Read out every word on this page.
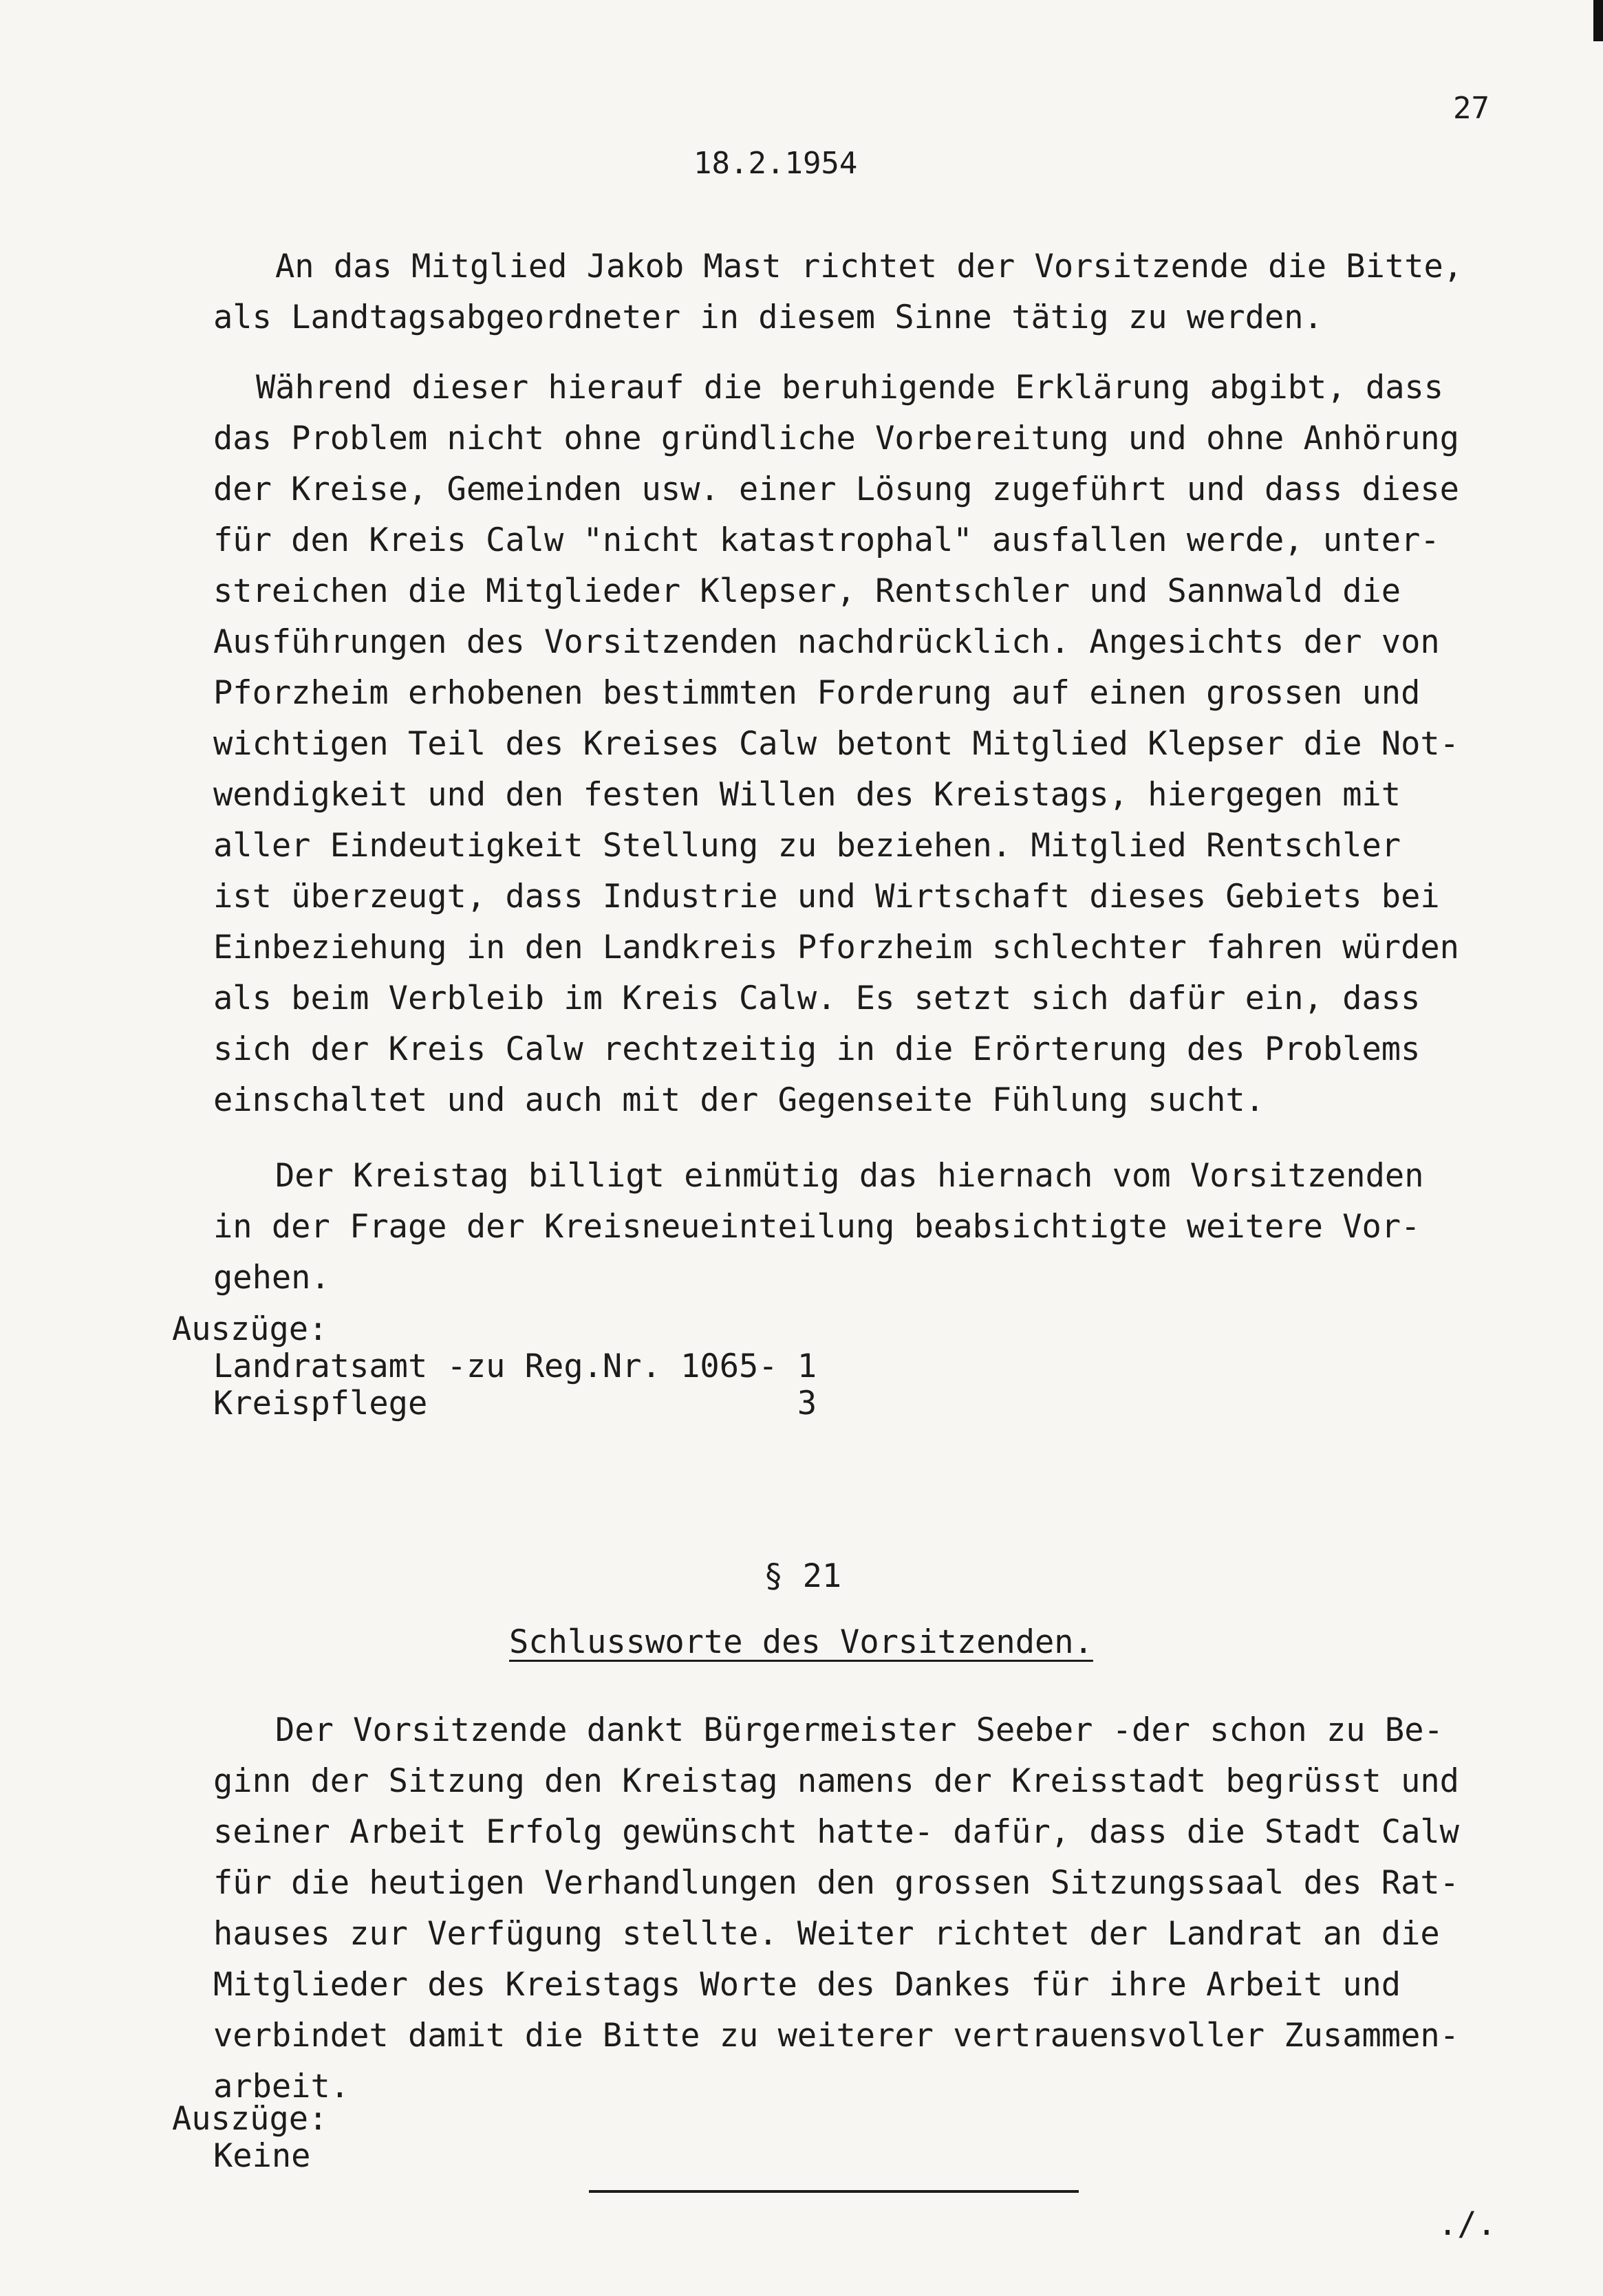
27
18.2.1954
An das Mitglied Jakob Mast richtet der Vorsitzende die Bitte,
als Landtagsabgeordneter in diesem Sinne tätig zu werden.
Während dieser hierauf die beruhigende Erklärung abgibt, dass
das Problem nicht ohne gründliche Vorbereitung und ohne Anhörung
der Kreise, Gemeinden usw. einer Lösung zugeführt und dass diese
für den Kreis Calw "nicht katastrophal" ausfallen werde, unter-
streichen die Mitglieder Klepser, Rentschler und Sannwald die
Ausführungen des Vorsitzenden nachdrücklich. Angesichts der von
Pforzheim erhobenen bestimmten Forderung auf einen grossen und
wichtigen Teil des Kreises Calw betont Mitglied Klepser die Not-
wendigkeit und den festen Willen des Kreistags, hiergegen mit
aller Eindeutigkeit Stellung zu beziehen. Mitglied Rentschler
ist überzeugt, dass Industrie und Wirtschaft dieses Gebiets bei
Einbeziehung in den Landkreis Pforzheim schlechter fahren würden
als beim Verbleib im Kreis Calw. Es setzt sich dafür ein, dass
sich der Kreis Calw rechtzeitig in die Erörterung des Problems
einschaltet und auch mit der Gegenseite Fühlung sucht.
Der Kreistag billigt einmütig das hiernach vom Vorsitzenden
in der Frage der Kreisneueinteilung beabsichtigte weitere Vor-
gehen.
Auszüge:
Landratsamt -zu Reg.Nr. 1065- 1
Kreispflege                   3
§ 21
Schlussworte des Vorsitzenden.
Der Vorsitzende dankt Bürgermeister Seeber -der schon zu Be-
ginn der Sitzung den Kreistag namens der Kreisstadt begrüsst und
seiner Arbeit Erfolg gewünscht hatte- dafür, dass die Stadt Calw
für die heutigen Verhandlungen den grossen Sitzungssaal des Rat-
hauses zur Verfügung stellte. Weiter richtet der Landrat an die
Mitglieder des Kreistags Worte des Dankes für ihre Arbeit und
verbindet damit die Bitte zu weiterer vertrauensvoller Zusammen-
arbeit.
Auszüge:
Keine
./.
